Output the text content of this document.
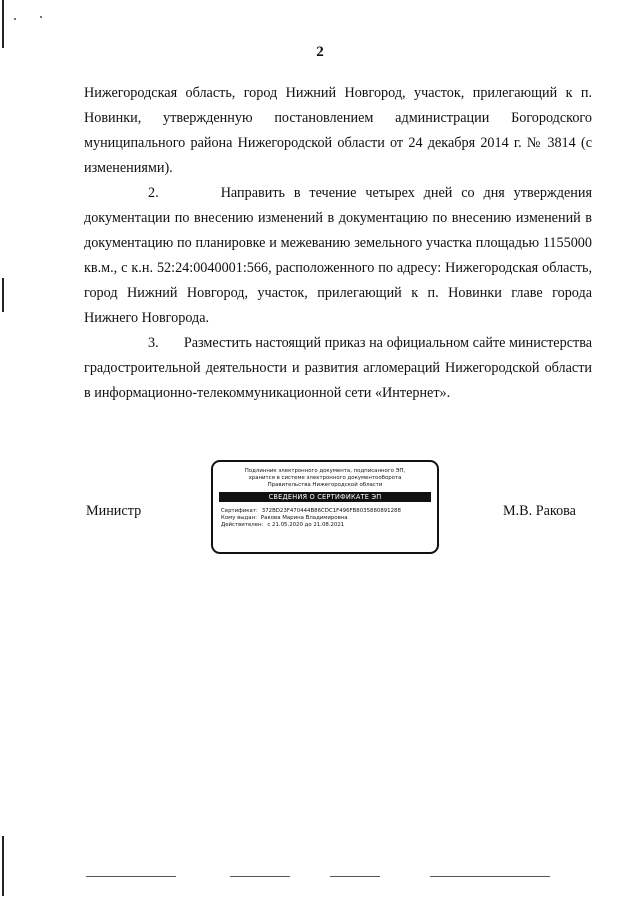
2

Нижегородская область, город Нижний Новгород, участок, прилегающий к п. Новинки, утвержденную постановлением администрации Богородского муниципального района Нижегородской области от 24 декабря 2014 г. № 3814 (с изменениями).

2.	Направить в течение четырех дней со дня утверждения документации по внесению изменений в документацию по внесению изменений в документацию по планировке и межеванию земельного участка площадью 1155000 кв.м., с к.н. 52:24:0040001:566, расположенного по адресу: Нижегородская область, город Нижний Новгород, участок, прилегающий к п. Новинки главе города Нижнего Новгорода.

3. Разместить настоящий приказ на официальном сайте министерства градостроительной деятельности и развития агломераций Нижегородской области в информационно-телекоммуникационной сети «Интернет».

Министр	М.В. Ракова
Подлинник электронного документа, подписанного ЭП,
хранится в системе электронного документооборота
Правительства Нижегородской области
СВЕДЕНИЯ О СЕРТИФИКАТЕ ЭП
Сертификат: 372BD23F470444B86CDC1F496FB8035880891288
Кому выдан: Ракова Марина Владимировна
Действителен: с 21.05.2020 до 21.08.2021
